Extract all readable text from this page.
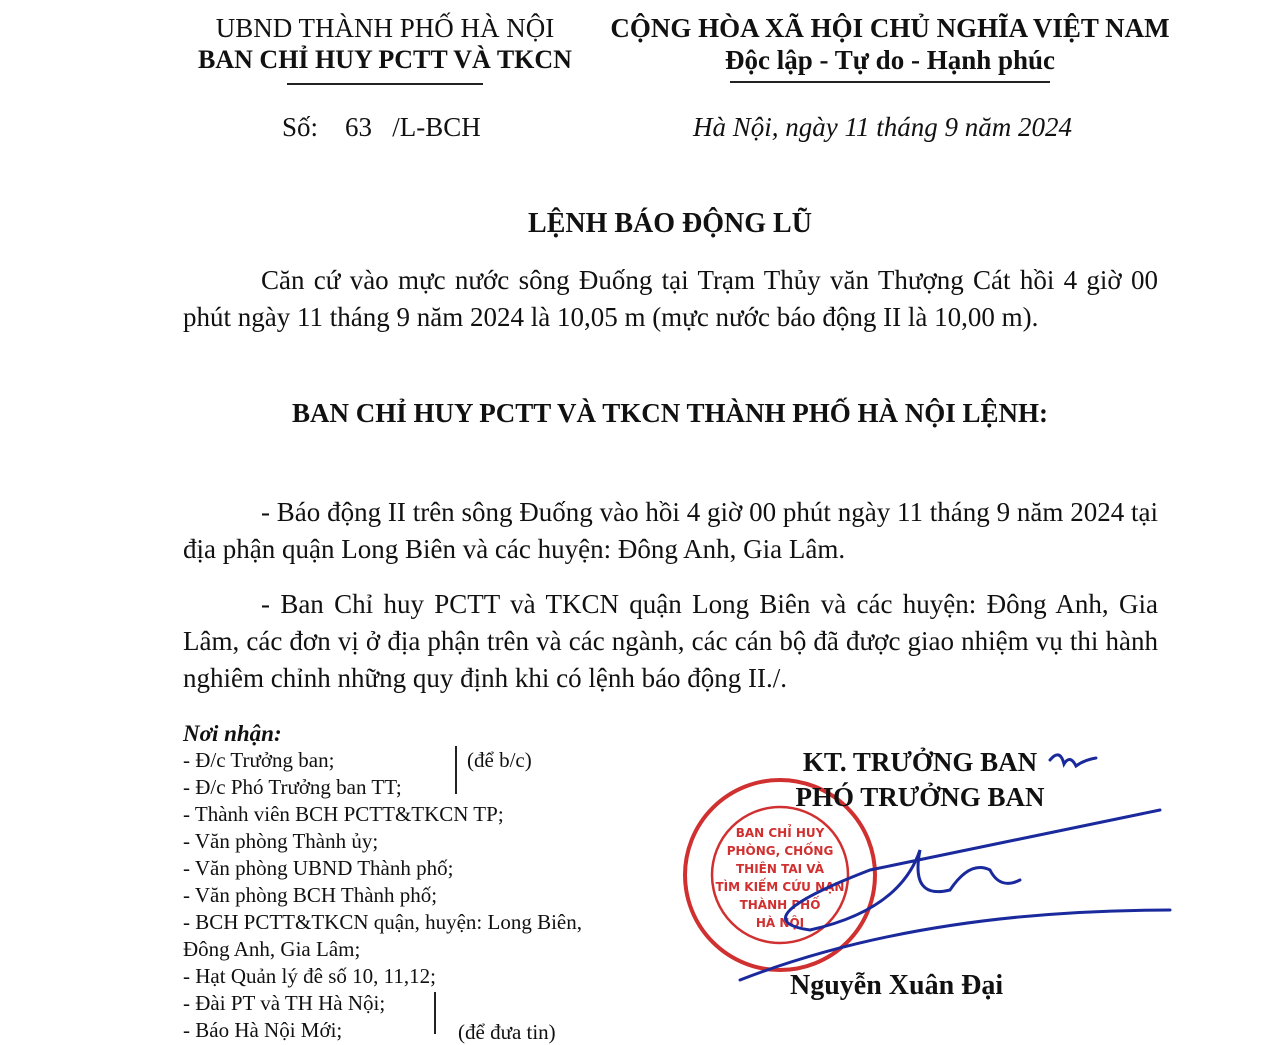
UBND THÀNH PHỐ HÀ NỘI
BAN CHỈ HUY PCTT VÀ TKCN
CỘNG HÒA XÃ HỘI CHỦ NGHĨA VIỆT NAM
Độc lập - Tự do - Hạnh phúc
Số:    63   /L-BCH	Hà Nội, ngày 11 tháng 9 năm 2024
LỆNH BÁO ĐỘNG LŨ
Căn cứ vào mực nước sông Đuống tại Trạm Thủy văn Thượng Cát hồi 4 giờ 00 phút ngày 11 tháng 9 năm 2024 là 10,05 m (mực nước báo động II là 10,00 m).
BAN CHỈ HUY PCTT VÀ TKCN THÀNH PHỐ HÀ NỘI LỆNH:
- Báo động II trên sông Đuống vào hồi 4 giờ 00 phút ngày 11 tháng 9 năm 2024 tại địa phận quận Long Biên và các huyện: Đông Anh, Gia Lâm.
- Ban Chỉ huy PCTT và TKCN quận Long Biên và các huyện: Đông Anh, Gia Lâm, các đơn vị ở địa phận trên và các ngành, các cán bộ đã được giao nhiệm vụ thi hành nghiêm chỉnh những quy định khi có lệnh báo động II./.
Nơi nhận:
- Đ/c Trưởng ban;
- Đ/c Phó Trưởng ban TT;
- Thành viên BCH PCTT&TKCN TP;
- Văn phòng Thành ủy;
- Văn phòng UBND Thành phố;
- Văn phòng BCH Thành phố;
- BCH PCTT&TKCN quận, huyện: Long Biên,
Đông Anh, Gia Lâm;
- Hạt Quản lý đê số 10, 11,12;
- Đài PT và TH Hà Nội;
- Báo Hà Nội Mới;
(để b/c)
(để đưa tin)
BAN CHỈ HUY
PHÒNG, CHỐNG
THIÊN TAI VÀ
TÌM KIẾM CỨU NẠN
THÀNH PHỐ
HÀ NỘI
KT. TRƯỞNG BAN
PHÓ TRƯỞNG BAN
Nguyễn Xuân Đại
